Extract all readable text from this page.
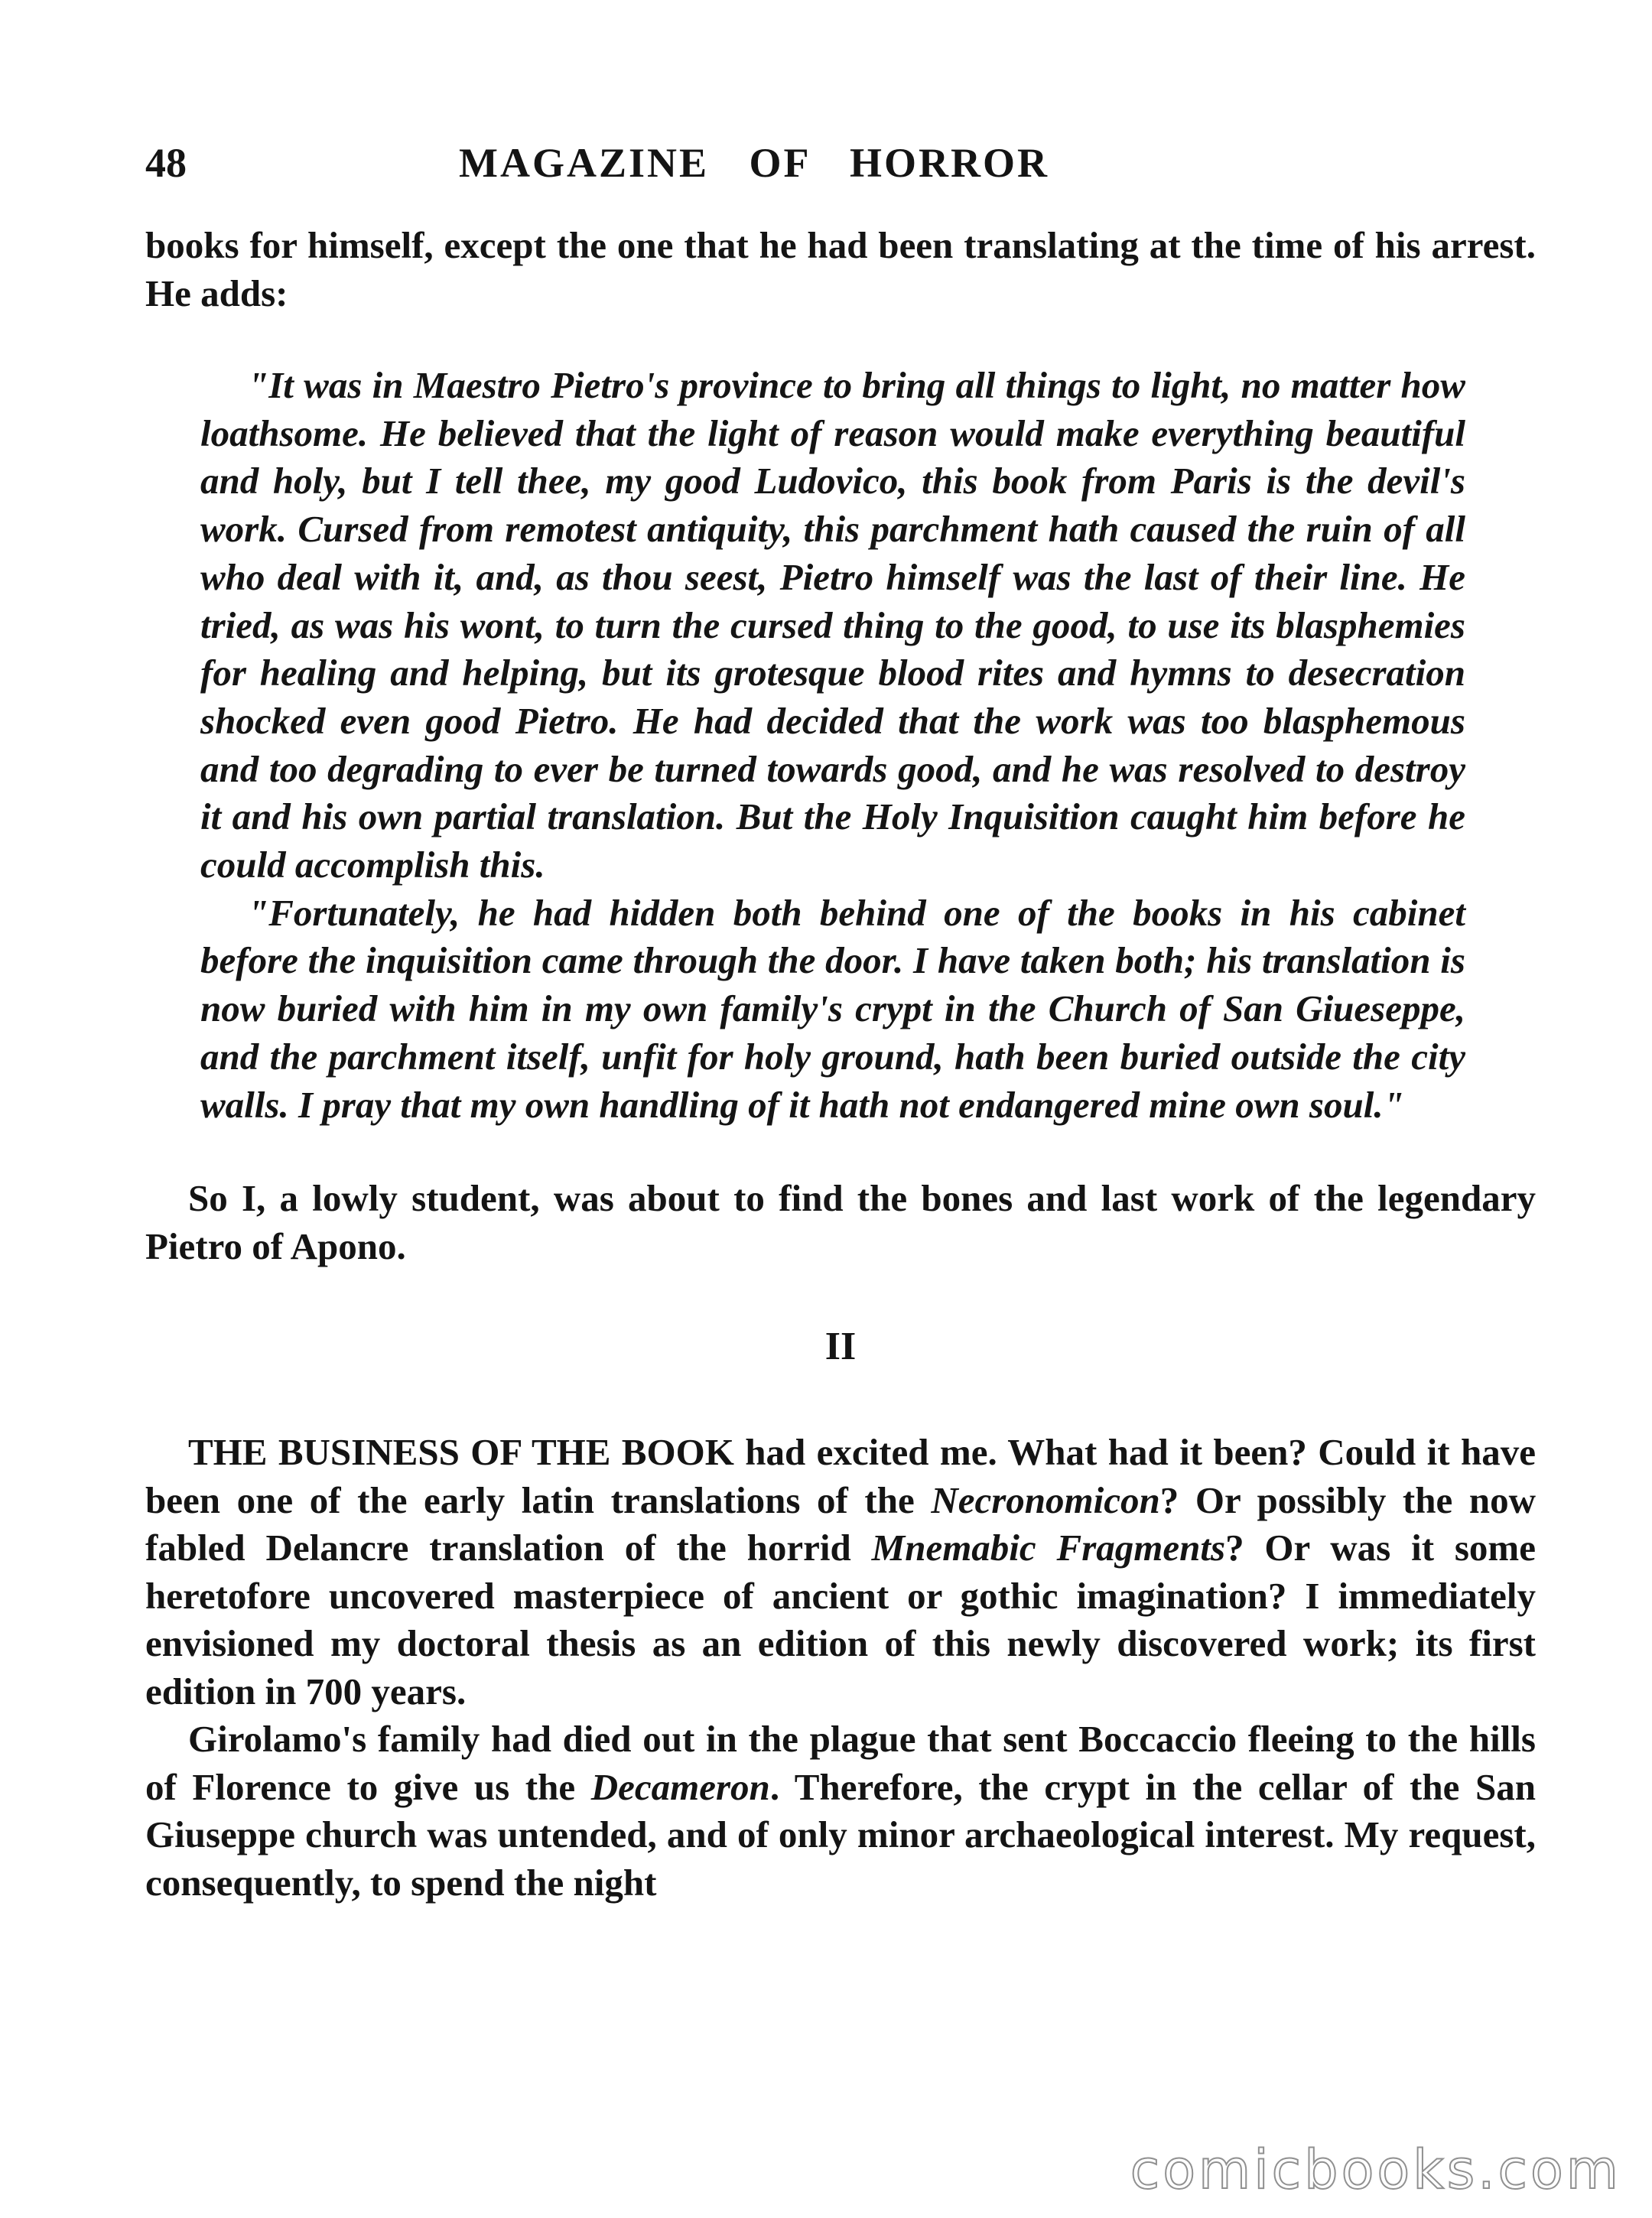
48	MAGAZINE OF HORROR

books for himself, except the one that he had been translating at the time of his arrest. He adds:

"It was in Maestro Pietro's province to bring all things to light, no matter how loathsome. He believed that the light of reason would make everything beautiful and holy, but I tell thee, my good Ludovico, this book from Paris is the devil's work. Cursed from remotest antiquity, this parchment hath caused the ruin of all who deal with it, and, as thou seest, Pietro himself was the last of their line. He tried, as was his wont, to turn the cursed thing to the good, to use its blasphemies for healing and helping, but its grotesque blood rites and hymns to desecration shocked even good Pietro. He had decided that the work was too blasphemous and too degrading to ever be turned towards good, and he was resolved to destroy it and his own partial translation. But the Holy Inquisition caught him before he could accomplish this.

"Fortunately, he had hidden both behind one of the books in his cabinet before the inquisition came through the door. I have taken both; his translation is now buried with him in my own family's crypt in the Church of San Giueseppe, and the parchment itself, unfit for holy ground, hath been buried outside the city walls. I pray that my own handling of it hath not endangered mine own soul."

So I, a lowly student, was about to find the bones and last work of the legendary Pietro of Apono.

II

THE BUSINESS OF THE BOOK had excited me. What had it been? Could it have been one of the early latin translations of the Necronomicon? Or possibly the now fabled Delancre translation of the horrid Mnemabic Fragments? Or was it some heretofore uncovered masterpiece of ancient or gothic imagination? I immediately envisioned my doctoral thesis as an edition of this newly discovered work; its first edition in 700 years.

Girolamo's family had died out in the plague that sent Boccaccio fleeing to the hills of Florence to give us the Decameron. Therefore, the crypt in the cellar of the San Giuseppe church was untended, and of only minor archaeological interest. My request, consequently, to spend the night

comicbooks.com
